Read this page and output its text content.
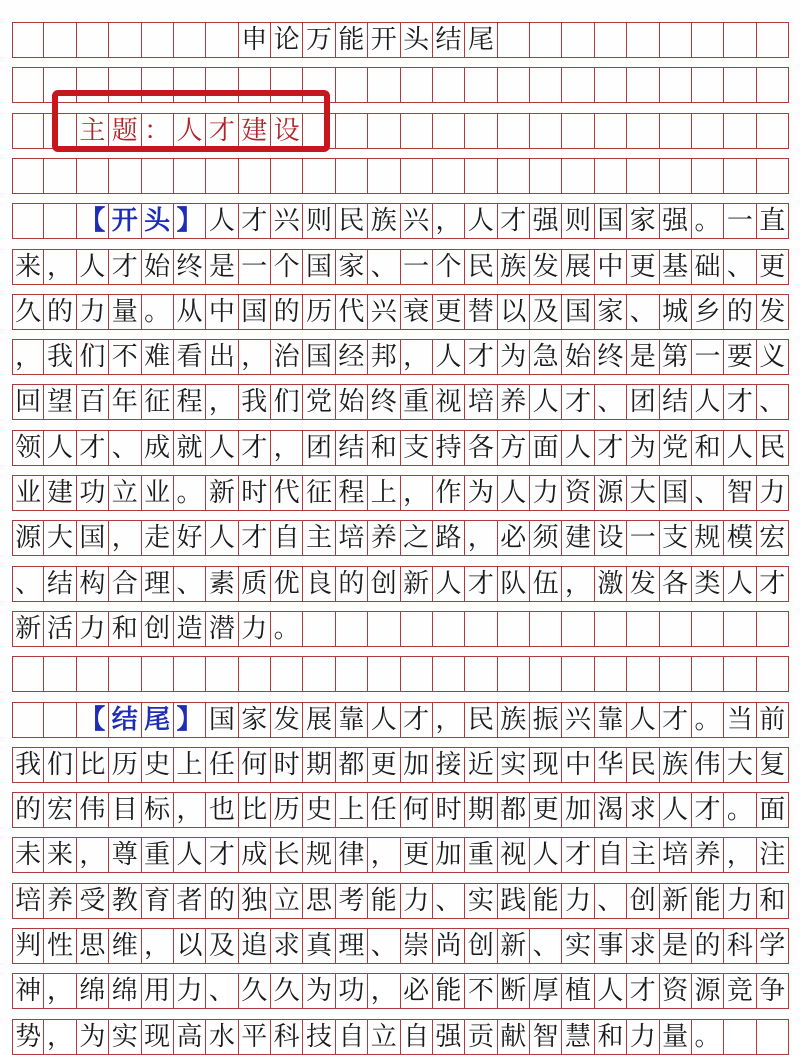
申 论 万 能 开 头 结 尾
主 题 ： 人 才 建 设
【 开 头 】 人 才 兴 则 民 族 兴 ， 人 才 强 则 国 家 强 。 一 直
来 ， 人 才 始 终 是 一 个 国 家 、 一 个 民 族 发 展 中 更 基 础 、 更
久 的 力 量 。 从 中 国 的 历 代 兴 衰 更 替 以 及 国 家 、 城 乡 的 发
， 我 们 不 难 看 出 ， 治 国 经 邦 ， 人 才 为 急 始 终 是 第 一 要 义
回 望 百 年 征 程 ， 我 们 党 始 终 重 视 培 养 人 才 、 团 结 人 才 、
领 人 才 、 成 就 人 才 ， 团 结 和 支 持 各 方 面 人 才 为 党 和 人 民
业 建 功 立 业 。 新 时 代 征 程 上 ， 作 为 人 力 资 源 大 国 、 智 力
源 大 国 ， 走 好 人 才 自 主 培 养 之 路 ， 必 须 建 设 一 支 规 模 宏
、 结 构 合 理 、 素 质 优 良 的 创 新 人 才 队 伍 ， 激 发 各 类 人 才
新 活 力 和 创 造 潜 力 。
【 结 尾 】 国 家 发 展 靠 人 才 ， 民 族 振 兴 靠 人 才 。 当 前
我 们 比 历 史 上 任 何 时 期 都 更 加 接 近 实 现 中 华 民 族 伟 大 复
的 宏 伟 目 标 ， 也 比 历 史 上 任 何 时 期 都 更 加 渴 求 人 才 。 面
未 来 ， 尊 重 人 才 成 长 规 律 ， 更 加 重 视 人 才 自 主 培 养 ， 注
培 养 受 教 育 者 的 独 立 思 考 能 力 、 实 践 能 力 、 创 新 能 力 和
判 性 思 维 ， 以 及 追 求 真 理 、 崇 尚 创 新 、 实 事 求 是 的 科 学
神 ， 绵 绵 用 力 、 久 久 为 功 ， 必 能 不 断 厚 植 人 才 资 源 竞 争
势 ， 为 实 现 高 水 平 科 技 自 立 自 强 贡 献 智 慧 和 力 量 。
